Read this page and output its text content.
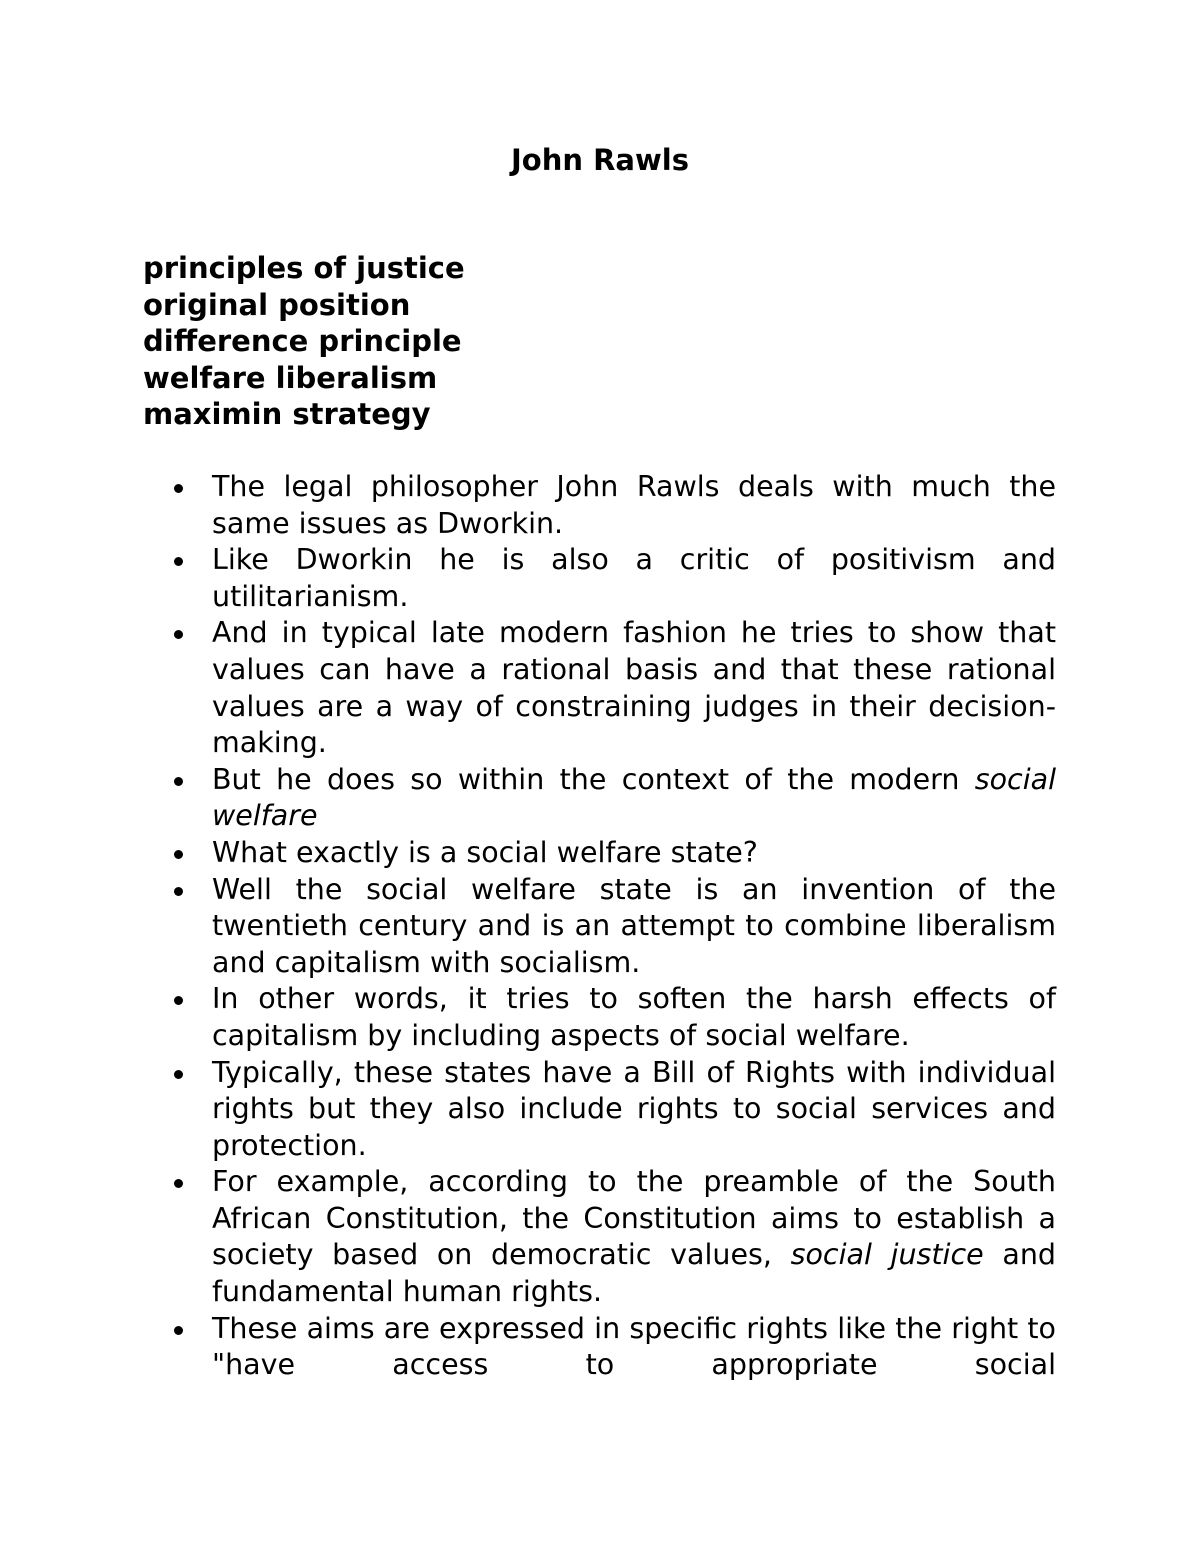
John Rawls
principles of justice
original position
difference principle
welfare liberalism
maximin strategy
The legal philosopher John Rawls deals with much the same issues as Dworkin.
Like Dworkin he is also a critic of positivism and utilitarianism.
And in typical late modern fashion he tries to show that values can have a rational basis and that these rational values are a way of constraining judges in their decision-making.
But he does so within the context of the modern social welfare
What exactly is a social welfare state?
Well the social welfare state is an invention of the twentieth century and is an attempt to combine liberalism and capitalism with socialism.
In other words, it tries to soften the harsh effects of capitalism by including aspects of social welfare.
Typically, these states have a Bill of Rights with individual rights but they also include rights to social services and protection.
For example, according to the preamble of the South African Constitution, the Constitution aims to establish a society based on democratic values, social justice and fundamental human rights.
These aims are expressed in specific rights like the right to "have access to appropriate social
